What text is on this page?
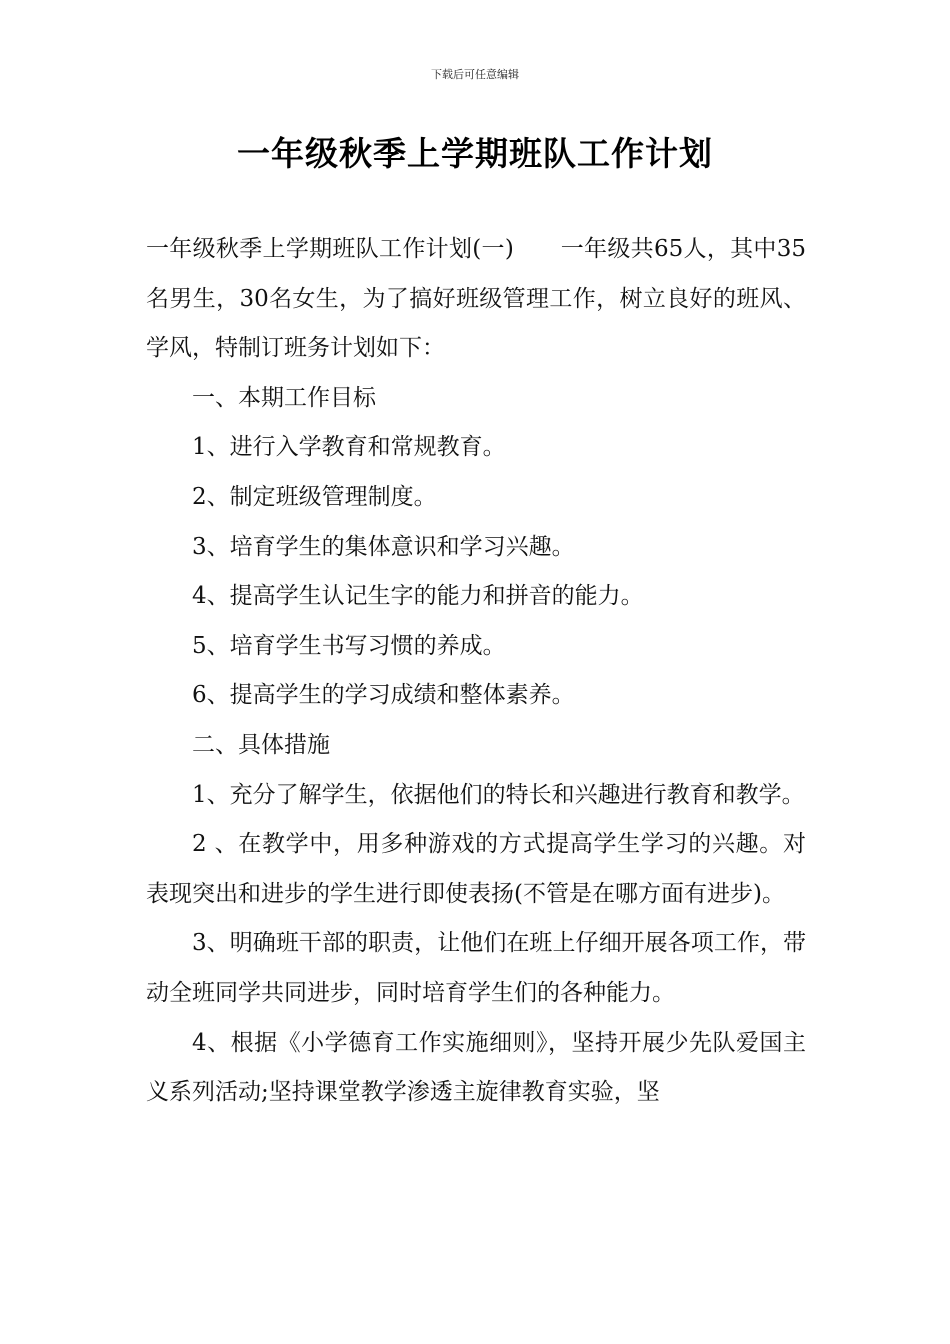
下载后可任意编辑
一年级秋季上学期班队工作计划

一年级秋季上学期班队工作计划(一)　　一年级共65人，其中35名男生，30名女生，为了搞好班级管理工作，树立良好的班风、学风，特制订班务计划如下：

一、本期工作目标

1、进行入学教育和常规教育。

2、制定班级管理制度。

3、培育学生的集体意识和学习兴趣。

4、提高学生认记生字的能力和拼音的能力。

5、培育学生书写习惯的养成。

6、提高学生的学习成绩和整体素养。

二、具体措施

1、充分了解学生，依据他们的特长和兴趣进行教育和教学。

2 、在教学中，用多种游戏的方式提高学生学习的兴趣。对表现突出和进步的学生进行即使表扬(不管是在哪方面有进步)。

3、明确班干部的职责，让他们在班上仔细开展各项工作，带动全班同学共同进步，同时培育学生们的各种能力。

4、根据《小学德育工作实施细则》，坚持开展少先队爱国主义系列活动;坚持课堂教学渗透主旋律教育实验，坚
